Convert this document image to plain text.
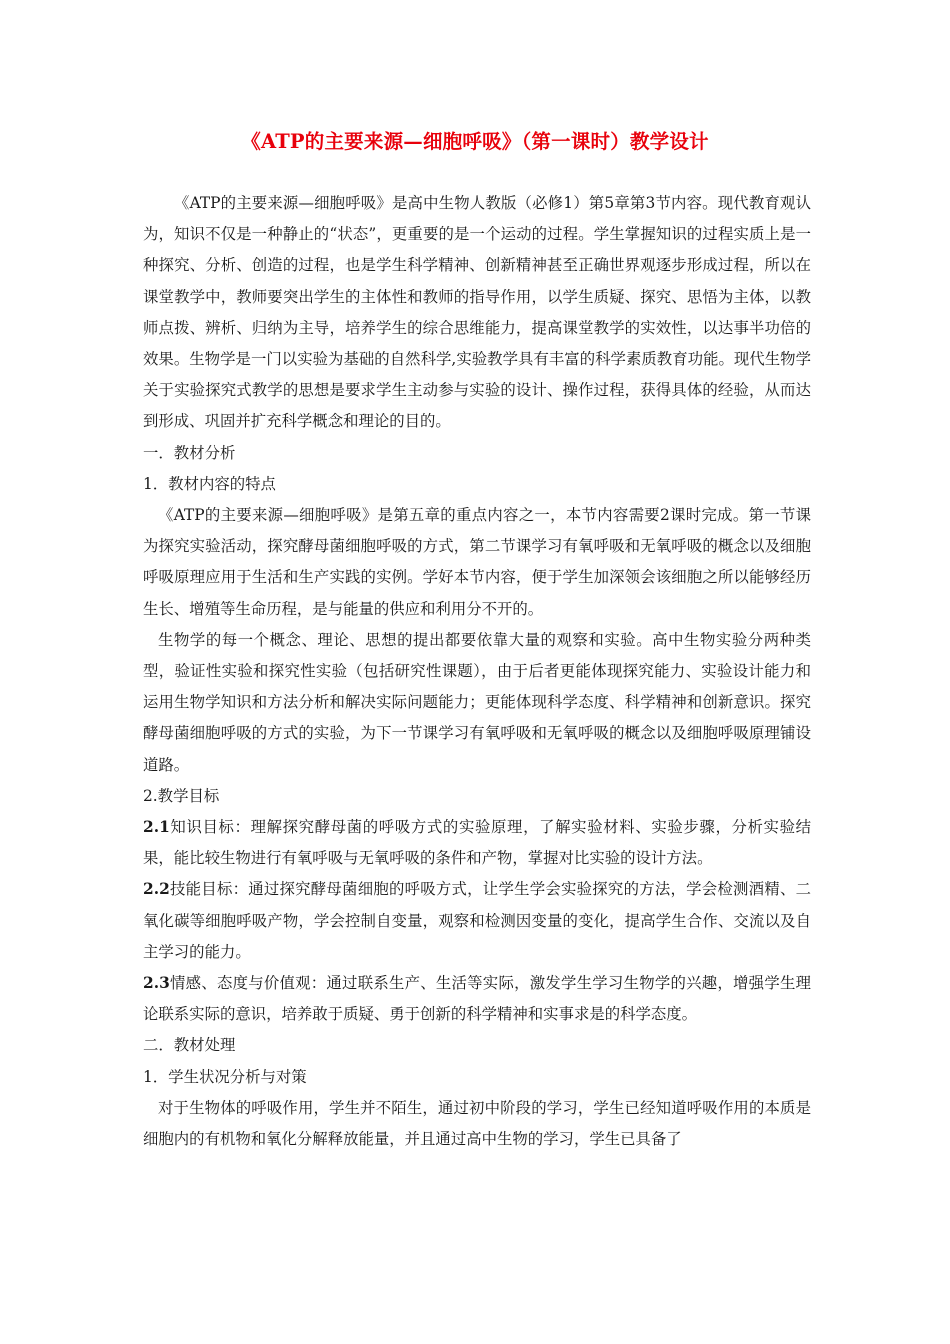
《ATP的主要来源—细胞呼吸》（第一课时）教学设计

《ATP的主要来源—细胞呼吸》是高中生物人教版（必修1）第5章第3节内容。现代教育观认为，知识不仅是一种静止的“状态”，更重要的是一个运动的过程。学生掌握知识的过程实质上是一种探究、分析、创造的过程，也是学生科学精神、创新精神甚至正确世界观逐步形成过程，所以在课堂教学中，教师要突出学生的主体性和教师的指导作用，以学生质疑、探究、思悟为主体，以教师点拨、辨析、归纳为主导，培养学生的综合思维能力，提高课堂教学的实效性，以达事半功倍的效果。生物学是一门以实验为基础的自然科学,实验教学具有丰富的科学素质教育功能。现代生物学关于实验探究式教学的思想是要求学生主动参与实验的设计、操作过程，获得具体的经验，从而达到形成、巩固并扩充科学概念和理论的目的。

一．教材分析

1．教材内容的特点

《ATP的主要来源—细胞呼吸》是第五章的重点内容之一，本节内容需要2课时完成。第一节课为探究实验活动，探究酵母菌细胞呼吸的方式，第二节课学习有氧呼吸和无氧呼吸的概念以及细胞呼吸原理应用于生活和生产实践的实例。学好本节内容，便于学生加深领会该细胞之所以能够经历生长、增殖等生命历程，是与能量的供应和利用分不开的。

生物学的每一个概念、理论、思想的提出都要依靠大量的观察和实验。高中生物实验分两种类型，验证性实验和探究性实验（包括研究性课题），由于后者更能体现探究能力、实验设计能力和运用生物学知识和方法分析和解决实际问题能力；更能体现科学态度、科学精神和创新意识。探究酵母菌细胞呼吸的方式的实验，为下一节课学习有氧呼吸和无氧呼吸的概念以及细胞呼吸原理铺设道路。

2.教学目标

2.1知识目标：理解探究酵母菌的呼吸方式的实验原理，了解实验材料、实验步骤，分析实验结果，能比较生物进行有氧呼吸与无氧呼吸的条件和产物，掌握对比实验的设计方法。

2.2技能目标：通过探究酵母菌细胞的呼吸方式，让学生学会实验探究的方法，学会检测酒精、二氧化碳等细胞呼吸产物，学会控制自变量，观察和检测因变量的变化，提高学生合作、交流以及自主学习的能力。

2.3情感、态度与价值观：通过联系生产、生活等实际，激发学生学习生物学的兴趣，增强学生理论联系实际的意识，培养敢于质疑、勇于创新的科学精神和实事求是的科学态度。

二．教材处理

1．学生状况分析与对策

对于生物体的呼吸作用，学生并不陌生，通过初中阶段的学习，学生已经知道呼吸作用的本质是细胞内的有机物和氧化分解释放能量，并且通过高中生物的学习，学生已具备了
